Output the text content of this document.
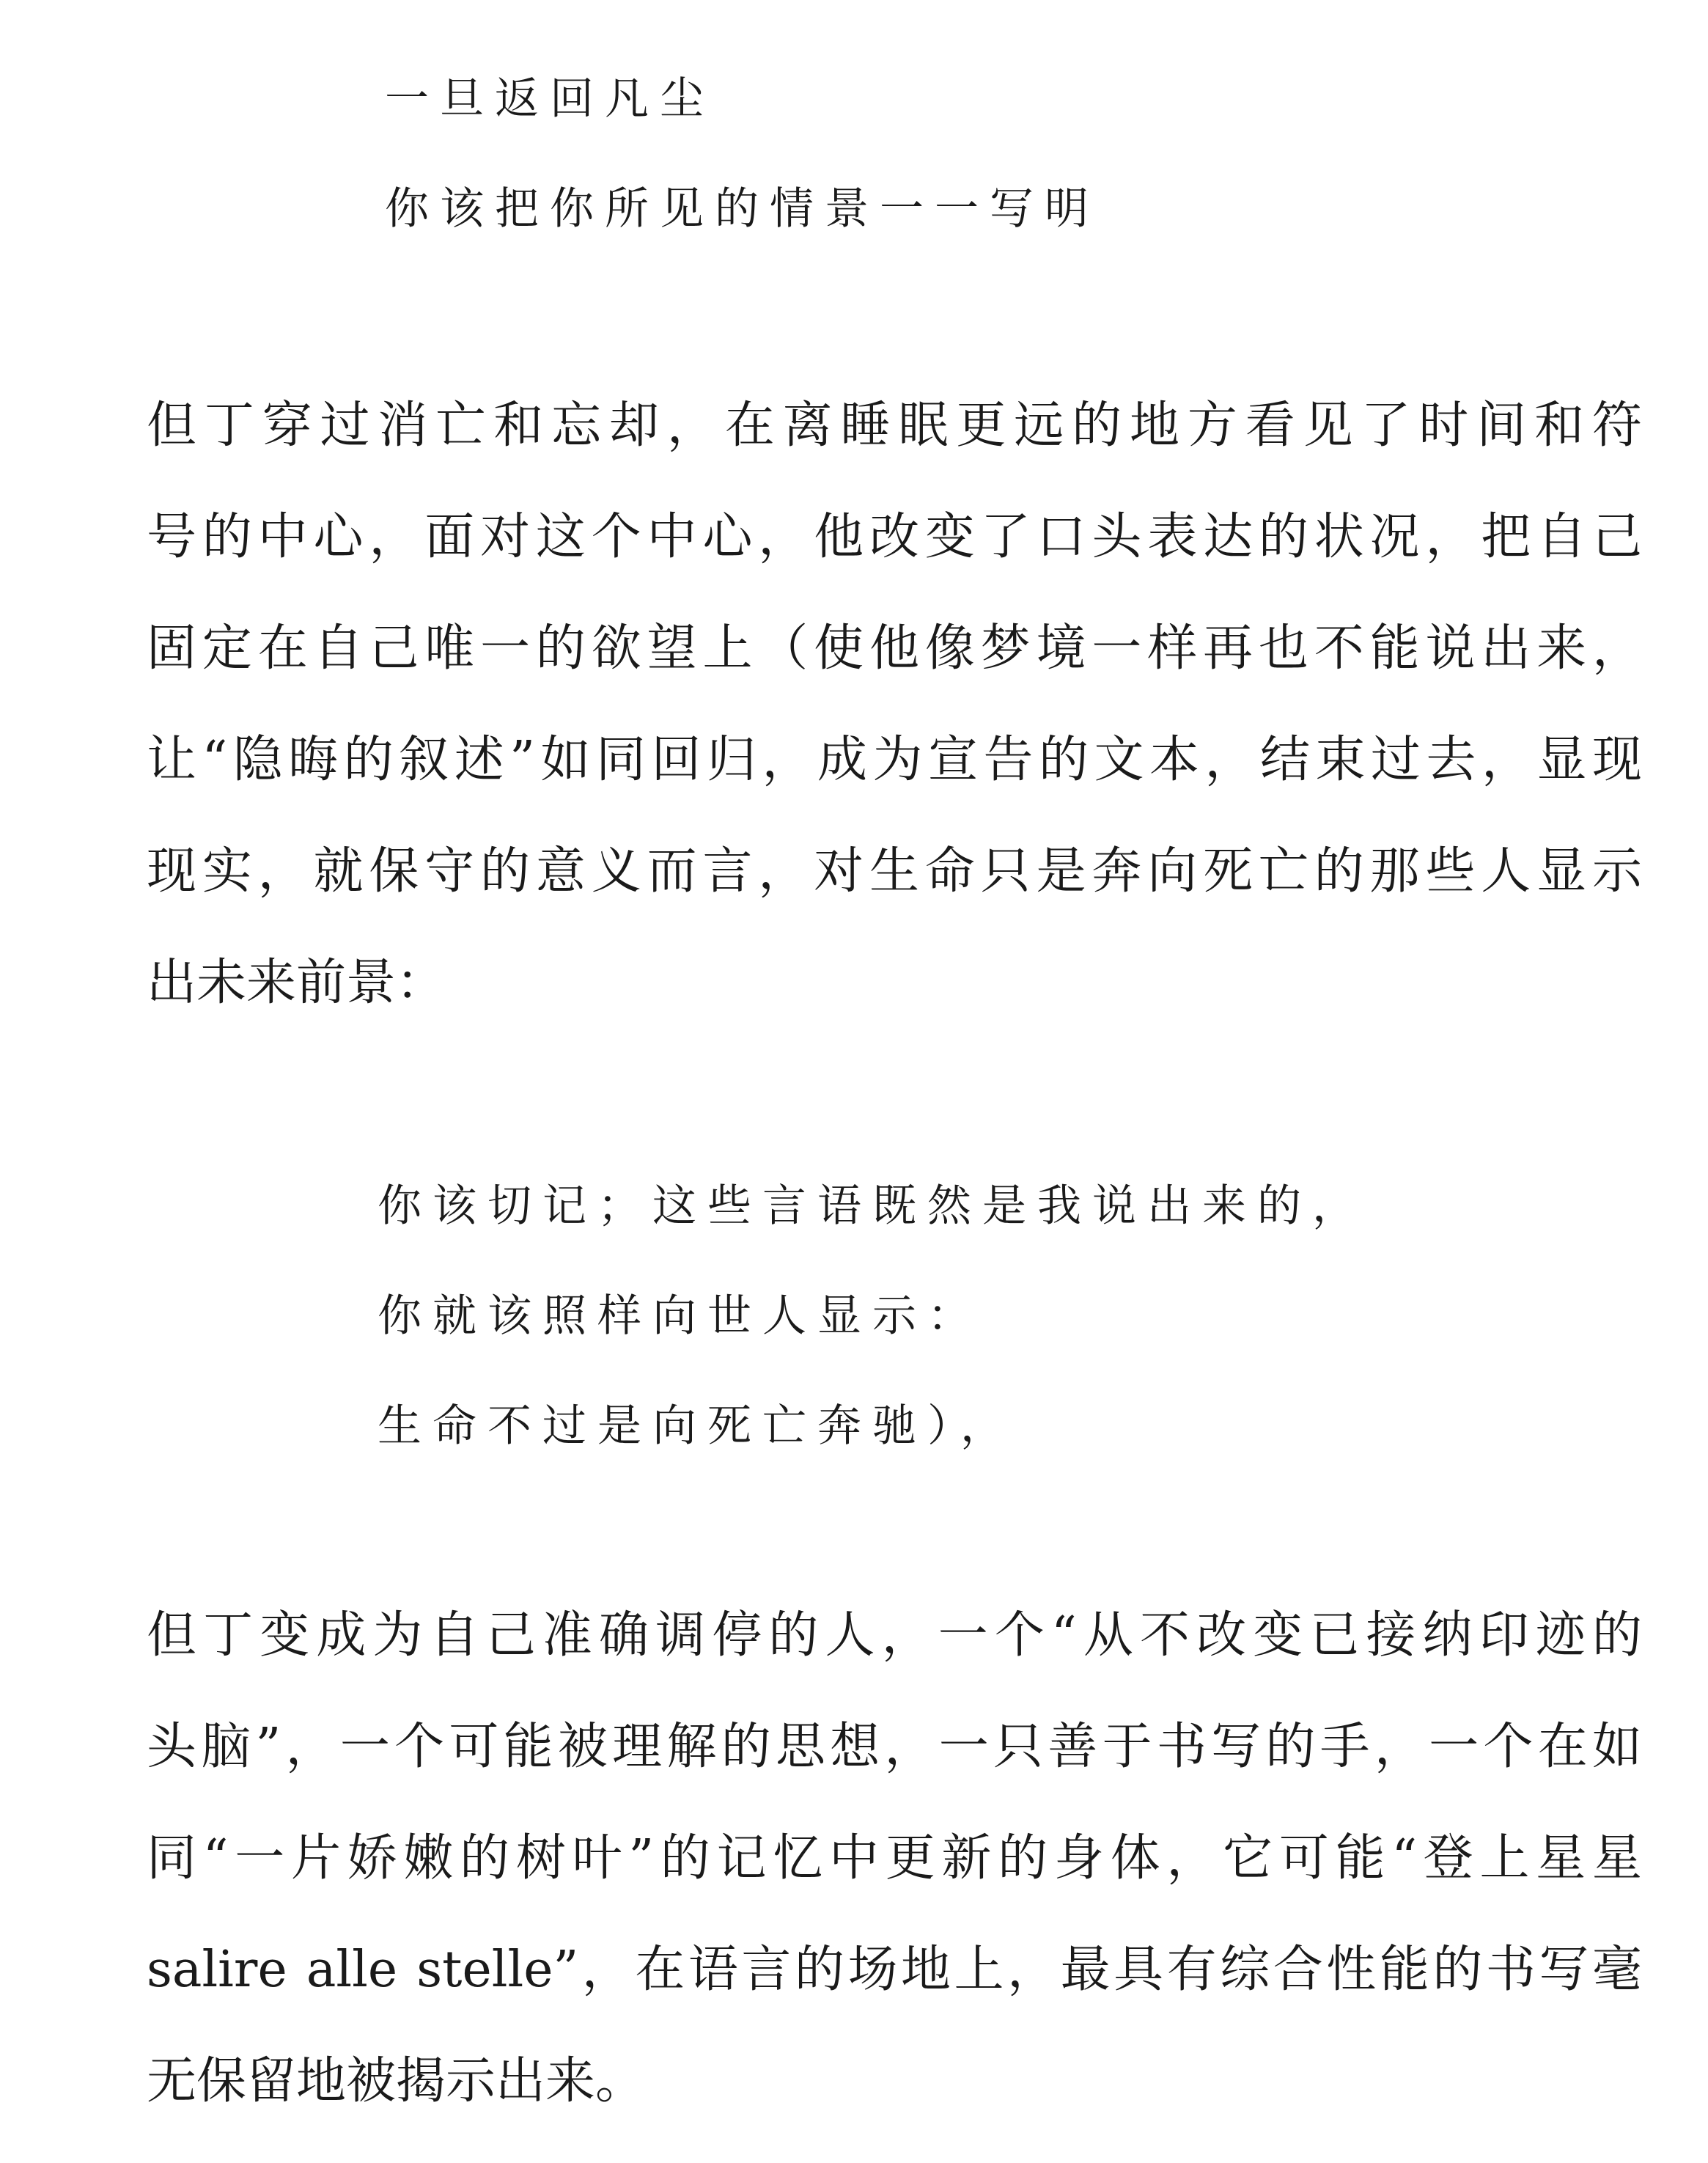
一旦返回凡尘
你该把你所见的情景一一写明
但丁穿过消亡和忘却，在离睡眠更远的地方看见了时间和符
号的中心，面对这个中心，他改变了口头表达的状况，把自己
固定在自己唯一的欲望上（使他像梦境一样再也不能说出来，
让“隐晦的叙述”如同回归，成为宣告的文本，结束过去，显现
现实，就保守的意义而言，对生命只是奔向死亡的那些人显示
出未来前景：
你该切记；这些言语既然是我说出来的，
你就该照样向世人显示：
生命不过是向死亡奔驰），
但丁变成为自己准确调停的人，一个“从不改变已接纳印迹的
头脑”，一个可能被理解的思想，一只善于书写的手，一个在如
同“一片娇嫩的树叶”的记忆中更新的身体，它可能“登上星星
salire alle stelle”，在语言的场地上，最具有综合性能的书写毫
无保留地被揭示出来。
